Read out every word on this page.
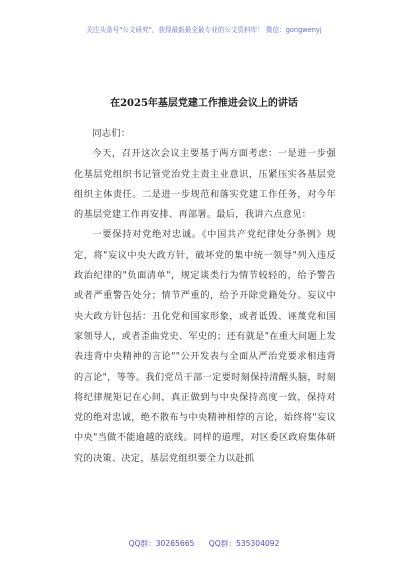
关注头条号"公文研究"，获得最新最全最专业的公文资料库！ 微信：gongwenyj
在2025年基层党建工作推进会议上的讲话

同志们：

今天，召开这次会议主要基于两方面考虑：一是进一步强化基层党组织书记管党治党主责主业意识，压紧压实各基层党组织主体责任。二是进一步规范和落实党建工作任务，对今年的基层党建工作再安排、再部署。最后，我讲六点意见：

一要保持对党绝对忠诚。《中国共产党纪律处分条例》规定，将"妄议中央大政方针，破坏党的集中统一领导"列入违反政治纪律的"负面清单"，规定谈类行为情节较轻的，给予警告或者严重警告处分；情节严重的，给予开除党籍处分。妄议中央大政方针包括：丑化党和国家形象，或者诋毁、诬蔑党和国家领导人，或者歪曲党史、军史的；还有就是"在重大问题上发表违背中央精神的言论""公开发表与全面从严治党要求相违背的言论"，等等。我们党员干部一定要时刻保持清醒头脑，时刻将纪律规矩记在心间，真正做到与中央保持高度一致，保持对党的绝对忠诚，绝不散布与中央精神相悖的言论，始终将"妄议中央"当做不能逾越的底线。同样的道理，对区委区政府集体研究的决策、决定，基层党组织要全力以赴抓

QQ群：30265665 QQ群：535304092
